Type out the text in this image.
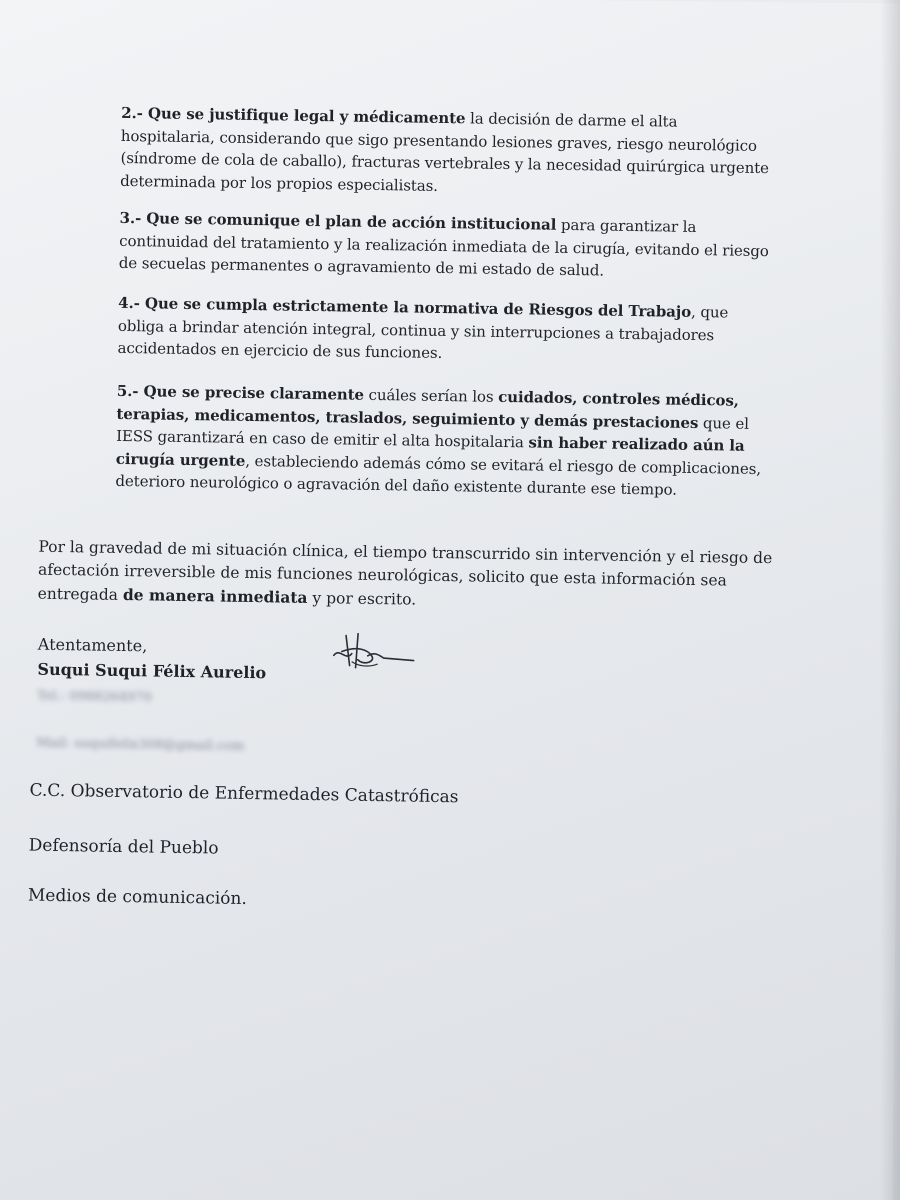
2.- Que se justifique legal y médicamente la decisión de darme el alta hospitalaria, considerando que sigo presentando lesiones graves, riesgo neurológico (síndrome de cola de caballo), fracturas vertebrales y la necesidad quirúrgica urgente determinada por los propios especialistas.

3.- Que se comunique el plan de acción institucional para garantizar la continuidad del tratamiento y la realización inmediata de la cirugía, evitando el riesgo de secuelas permanentes o agravamiento de mi estado de salud.

4.- Que se cumpla estrictamente la normativa de Riesgos del Trabajo, que obliga a brindar atención integral, continua y sin interrupciones a trabajadores accidentados en ejercicio de sus funciones.

5.- Que se precise claramente cuáles serían los cuidados, controles médicos, terapias, medicamentos, traslados, seguimiento y demás prestaciones que el IESS garantizará en caso de emitir el alta hospitalaria sin haber realizado aún la cirugía urgente, estableciendo además cómo se evitará el riesgo de complicaciones, deterioro neurológico o agravación del daño existente durante ese tiempo.

Por la gravedad de mi situación clínica, el tiempo transcurrido sin intervención y el riesgo de afectación irreversible de mis funciones neurológicas, solicito que esta información sea entregada de manera inmediata y por escrito.

Atentamente,
Suqui Suqui Félix Aurelio
Tel.: 0988264970
Mail: suquifelix308@gmail.com
C.C. Observatorio de Enfermedades Catastróficas
Defensoría del Pueblo
Medios de comunicación.
